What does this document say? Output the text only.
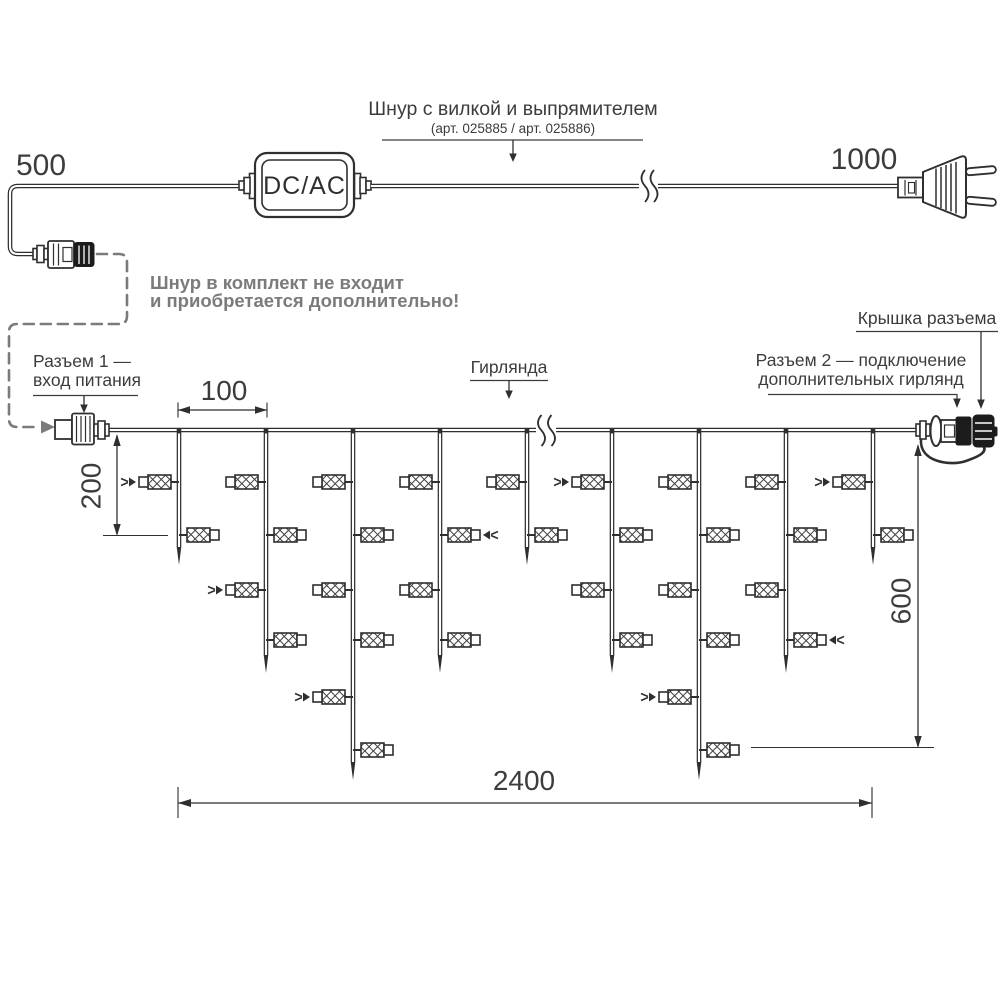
500
DC/AC
1000
Шнур с вилкой и выпрямителем
(арт. 025885 / арт. 025886)
Шнур в комплект не входит
и приобретается дополнительно!
Разъем 1 —
вход питания
Гирлянда
Крышка разъема
Разъем 2 — подключение
дополнительных гирлянд
100
200
600
2400
